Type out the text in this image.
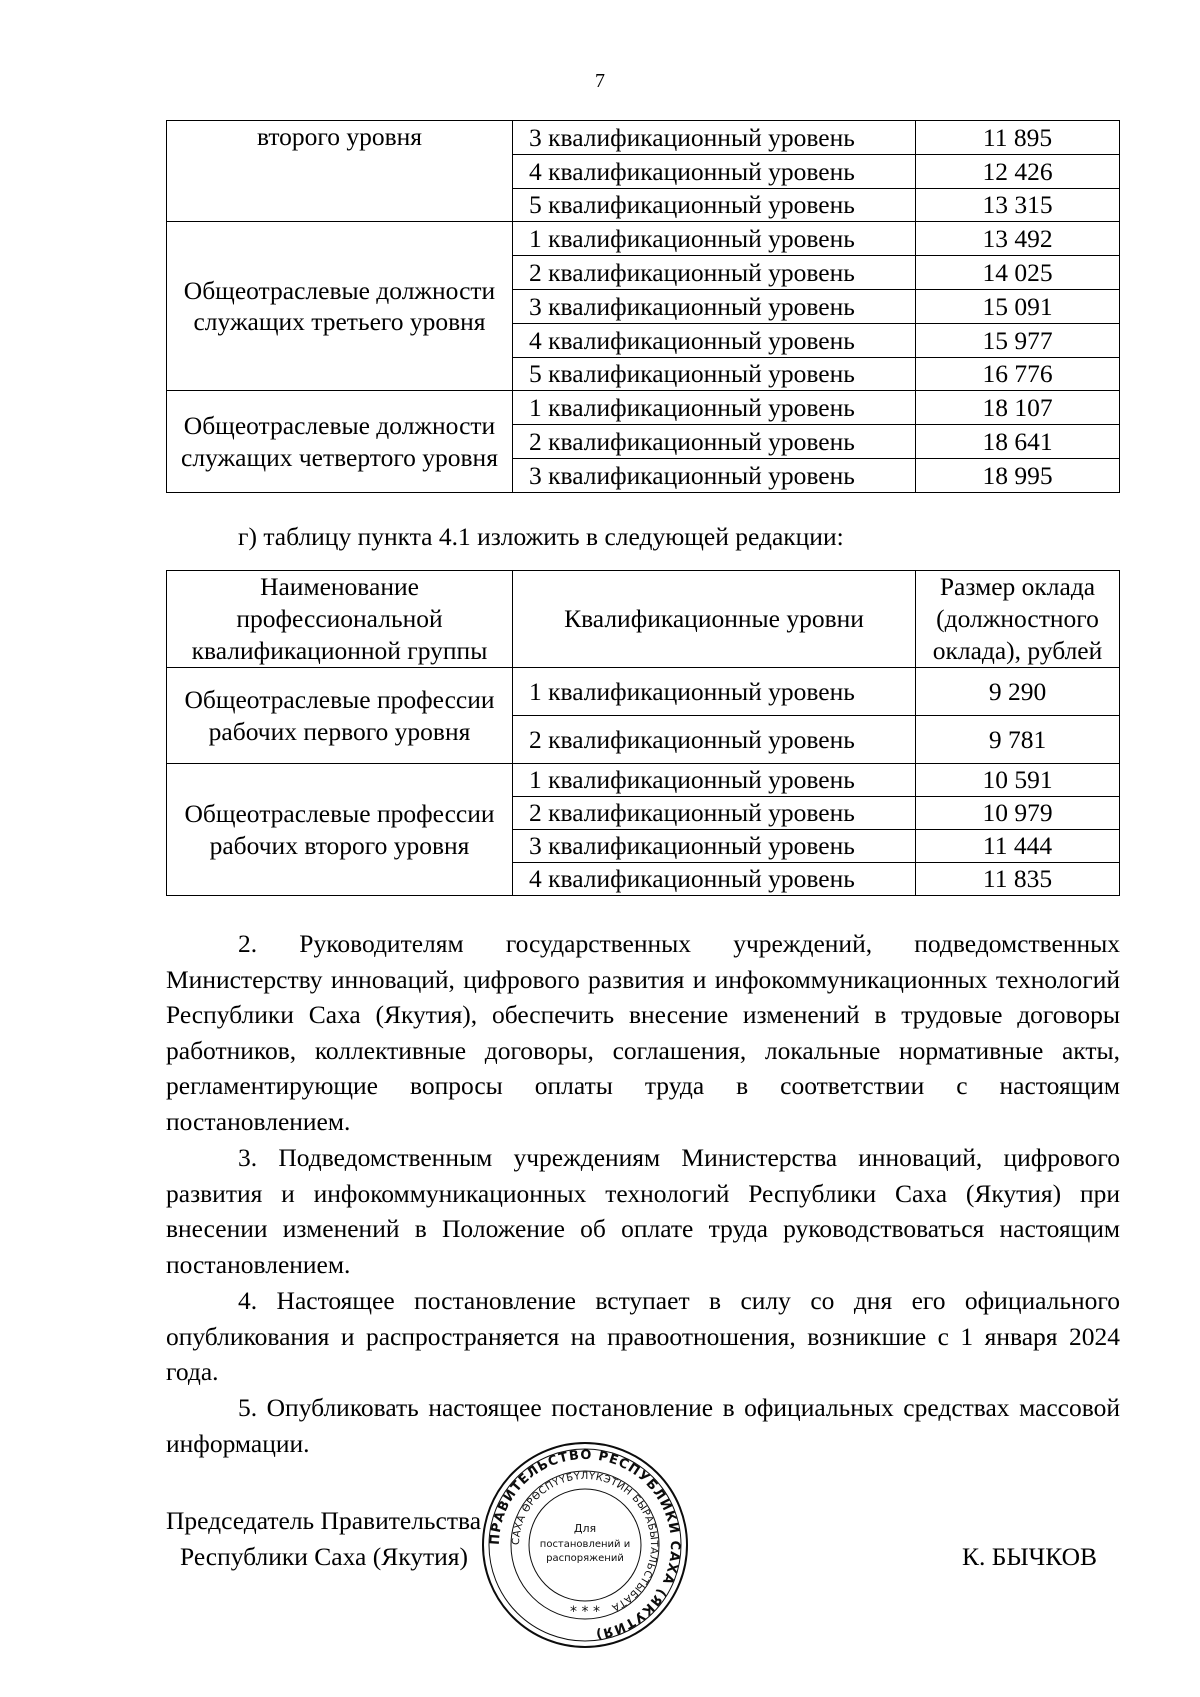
7
второго уровня	3 квалификационный уровень	11 895
	4 квалификационный уровень	12 426
	5 квалификационный уровень	13 315
Общеотраслевые должности служащих третьего уровня	1 квалификационный уровень	13 492
	2 квалификационный уровень	14 025
	3 квалификационный уровень	15 091
	4 квалификационный уровень	15 977
	5 квалификационный уровень	16 776
Общеотраслевые должности служащих четвертого уровня	1 квалификационный уровень	18 107
	2 квалификационный уровень	18 641
	3 квалификационный уровень	18 995
г) таблицу пункта 4.1 изложить в следующей редакции:
Наименование профессиональной квалификационной группы	Квалификационные уровни	Размер оклада (должностного оклада), рублей
Общеотраслевые профессии рабочих первого уровня	1 квалификационный уровень	9 290
	2 квалификационный уровень	9 781
Общеотраслевые профессии рабочих второго уровня	1 квалификационный уровень	10 591
	2 квалификационный уровень	10 979
	3 квалификационный уровень	11 444
	4 квалификационный уровень	11 835
2. Руководителям государственных учреждений, подведомственных Министерству инноваций, цифрового развития и инфокоммуникационных технологий Республики Саха (Якутия), обеспечить внесение изменений в трудовые договоры работников, коллективные договоры, соглашения, локальные нормативные акты, регламентирующие вопросы оплаты труда в соответствии с настоящим постановлением.
3. Подведомственным учреждениям Министерства инноваций, цифрового развития и инфокоммуникационных технологий Республики Саха (Якутия) при внесении изменений в Положение об оплате труда руководствоваться настоящим постановлением.
4. Настоящее постановление вступает в силу со дня его официального опубликования и распространяется на правоотношения, возникшие с 1 января 2024 года.
5. Опубликовать настоящее постановление в официальных средствах массовой информации.
Председатель Правительства
Республики Саха (Якутия)	К. БЫЧКОВ
ПРАВИТЕЛЬСТВО РЕСПУБЛИКИ САХА (ЯКУТИЯ)
САХА ӨРӨСПҮҮБҮЛҮКЭТИН БЫРАБЫТАЛЬСТЫБАТА
Для
постановлений и
распоряжений
* * *
